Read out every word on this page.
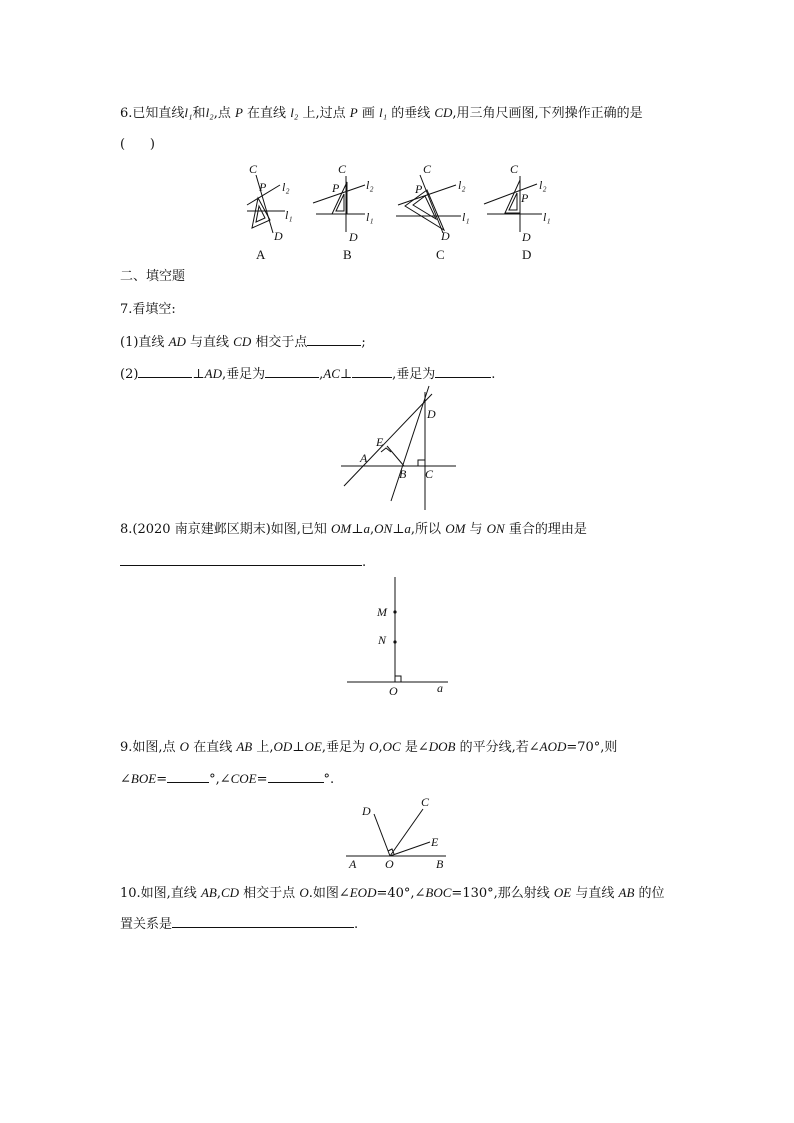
6.已知直线l₁和l₂,点 P 在直线 l₂ 上,过点 P 画 l₁ 的垂线 CD,用三角尺画图,下列操作正确的是
(      )
C
P l₂
l₁
D
C
P l₂
l₁
D
C
P	l₂
l₁
D
C
P
l₂
l₁
D
A	B	C	D
二、填空题
7.看填空:
(1)直线 AD 与直线 CD 相交于点	;
(2)	⊥AD,垂足为	,AC⊥	,垂足为	.
A
E
B C
D
8.(2020 南京建邺区期末)如图,已知 OM⊥a,ON⊥a,所以 OM 与 ON 重合的理由是
.
M
N
O	a
9.如图,点 O 在直线 AB 上,OD⊥OE,垂足为 O,OC 是∠DOB 的平分线,若∠AOD=70°,则
∠BOE=	°,∠COE=	°.
D
C
E
A O	B
10.如图,直线 AB,CD 相交于点 O.如图∠EOD=40°,∠BOC=130°,那么射线 OE 与直线 AB 的位
置关系是	.
